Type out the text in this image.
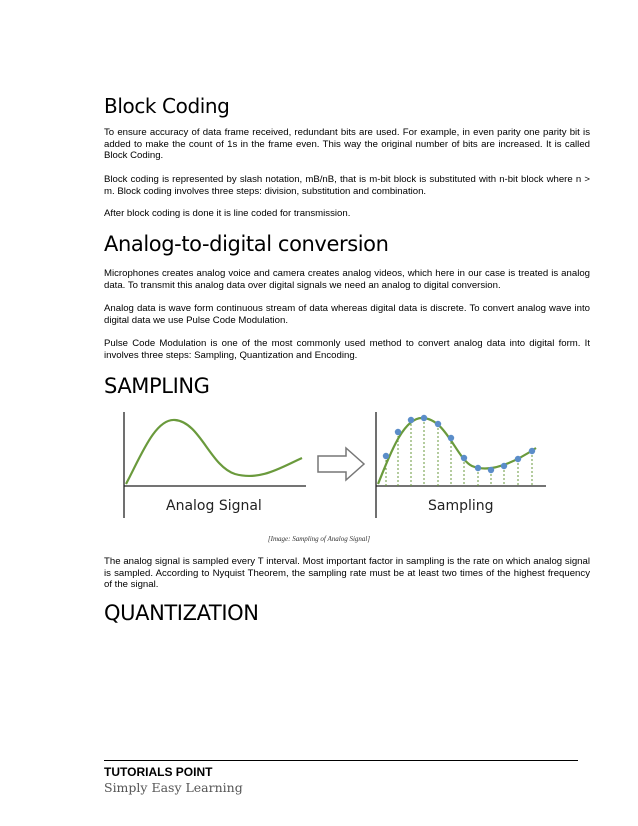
Block Coding

To ensure accuracy of data frame received, redundant bits are used. For example, in even parity one parity bit is added to make the count of 1s in the frame even. This way the original number of bits are increased. It is called Block Coding.

Block coding is represented by slash notation, mB/nB, that is m-bit block is substituted with n-bit block where n > m. Block coding involves three steps: division, substitution and combination.

After block coding is done it is line coded for transmission.

Analog-to-digital conversion

Microphones creates analog voice and camera creates analog videos, which here in our case is treated is analog data. To transmit this analog data over digital signals we need an analog to digital conversion.

Analog data is wave form continuous stream of data whereas digital data is discrete. To convert analog wave into digital data we use Pulse Code Modulation.

Pulse Code Modulation is one of the most commonly used method to convert analog data into digital form. It involves three steps: Sampling, Quantization and Encoding.

SAMPLING
Analog Signal	Sampling
[Image: Sampling of Analog Signal]

The analog signal is sampled every T interval. Most important factor in sampling is the rate on which analog signal is sampled. According to Nyquist Theorem, the sampling rate must be at least two times of the highest frequency of the signal.

QUANTIZATION
TUTORIALS POINT
Simply Easy Learning
